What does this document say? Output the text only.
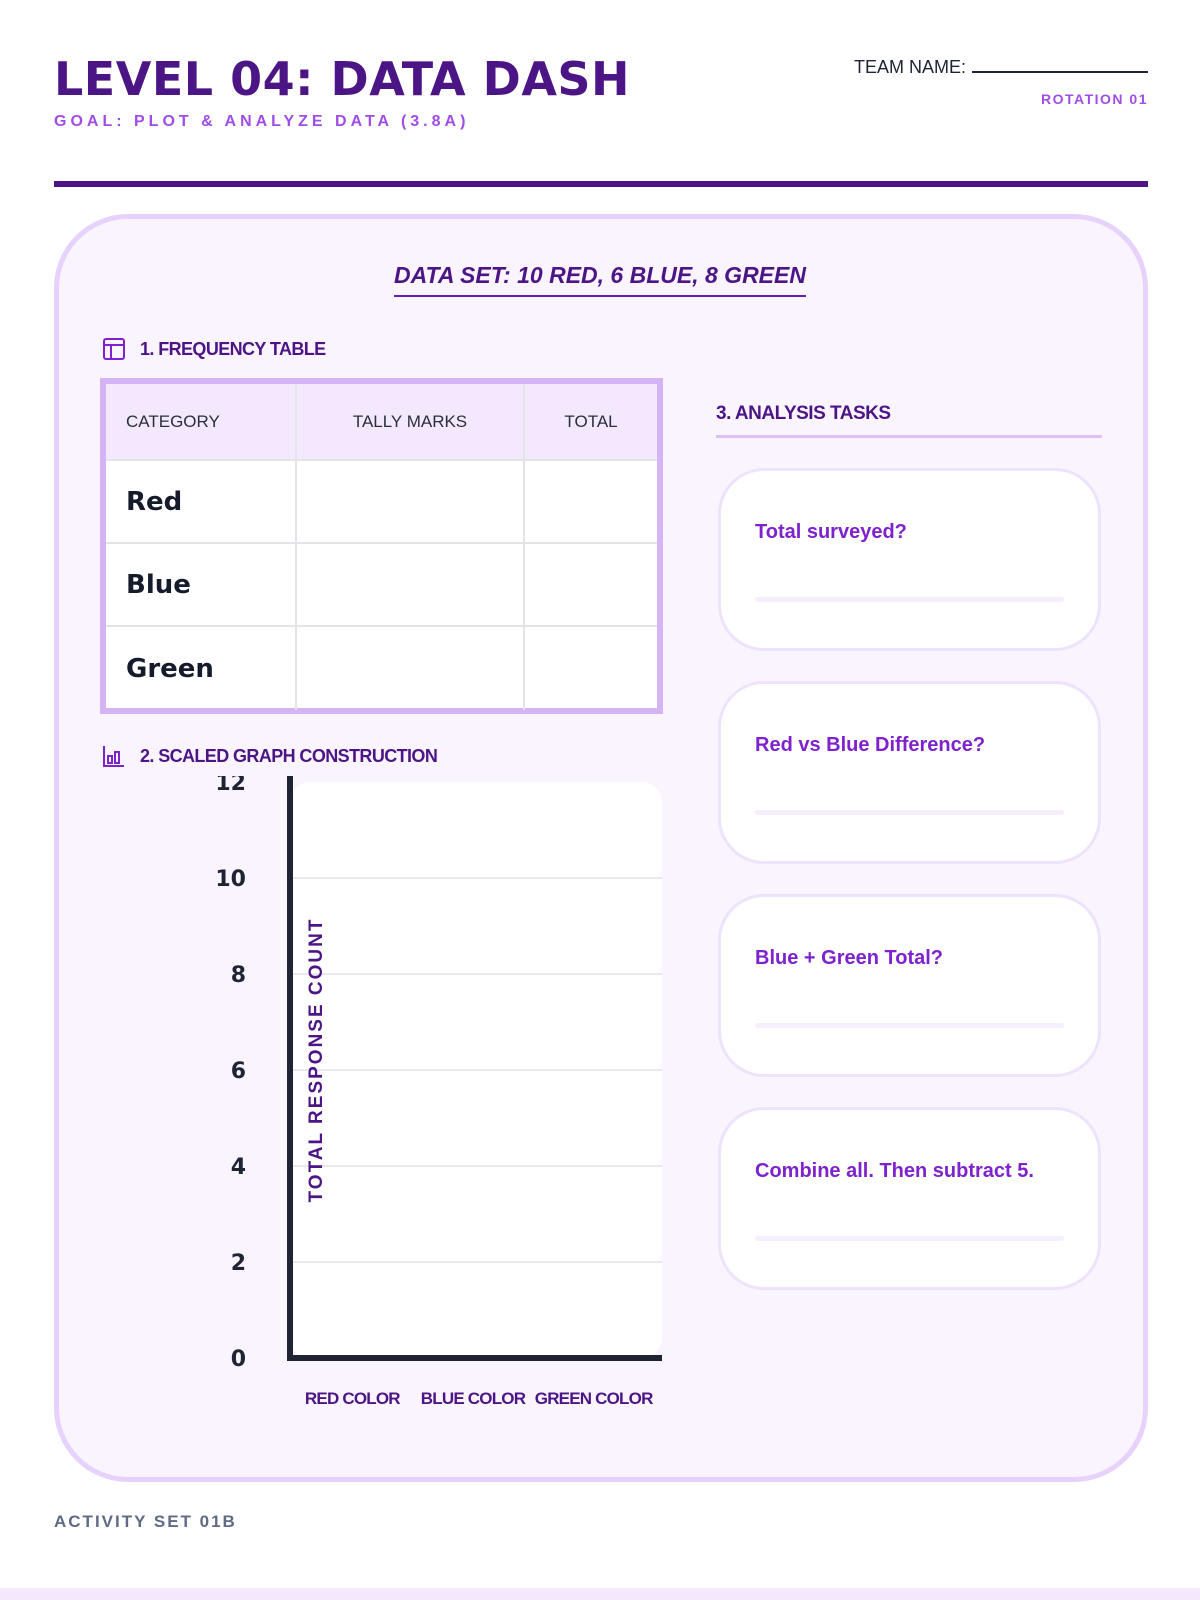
LEVEL 04: DATA DASH
GOAL: PLOT & ANALYZE DATA (3.8A)
TEAM NAME:
ROTATION 01
DATA SET: 10 RED, 6 BLUE, 8 GREEN
1. FREQUENCY TABLE
CATEGORY	TALLY MARKS	TOTAL
Red
Blue
Green
2. SCALED GRAPH CONSTRUCTION
0
2
4
6
8
10
12
RED COLOR BLUE COLOR GREEN COLOR
TOTAL RESPONSE COUNT
3. ANALYSIS TASKS
Total surveyed?
Red vs Blue Difference?
Blue + Green Total?
Combine all. Then subtract 5.
ACTIVITY SET 01B
